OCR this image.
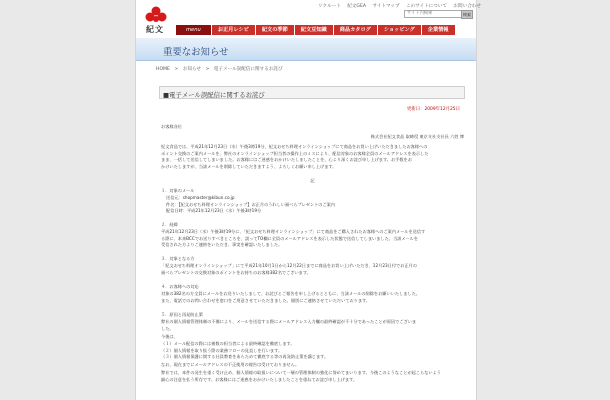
紀文
リクルート 紀文GEA サイトマップ このサイトについて お問い合わせ
サイト内検索	検索
menu	お正月レシピ	紀文の季節	紀文豆知識	商品カタログ	ショッピング	企業情報
重要なお知らせ
HOME > お知らせ > 電子メール誤配信に関するお詫び
■電子メール誤配信に関するお詫び
更新日：2009年12月25日

お客様各位

株式会社紀文食品 取締役 東京支社支社長 六姓 博

紀文食品では、平成21年12月23日（水）午後3時19分、紀文おせち料理オンラインショップにて商品をお買い上げいただきましたお客様への

ポイント交換のご案内メールを、弊社のオンラインショップ担当者の操作上のミスにより、配信対象のお客様全員のメールアドレスを表示した

まま、一括して送信してしまいました。お客様にはご迷惑をおかけいたしましたことを、心より深くお詫び申し上げます。お手数をお

かけいたしますが、当該メールを削除していただきますよう、よろしくお願い申し上げます。

記

１．対象のメール

送信元：shopmaster@kibun.co.jp

件名：【紀文おせち料理オンラインショップ】お正月のうれしい福べらプレゼントのご案内

配信日時：平成21年12月23日（水）午後3時19分

２．経緯

平成21年12月23日（水）午後3時19分に、「紀文おせち料理オンラインショップ」にて商品をご購入されたお客様へのご案内メールを送信す

る際に、本来BCCでお送りすべきところを、誤ってTO欄に全員のメールアドレスを表示した状態で送信してしまいました。当該メールを

受信された方よりご連絡をいただき、事実を確認いたしました。

３．対象となる方

「紀文おせち料理オンラインショップ」にて平成21年10月1日から12月22日までに商品をお買い上げいただき、12月23日付でお正月の

福べらプレゼントの交換対象のポイントをお持ちのお客様382名でございます。

４．お客様への対応

対象の382名の方全員にメールをお送りいたしまして、お詫びとご報告を申し上げるとともに、当該メールの削除をお願いいたしました。

また、電話でのお問い合わせを窓口をご用意させていただきました。個別にご連絡させていただいております。

５．原因と再発防止策

弊社の個人情報管理体制の不備により、メールを送信する際にメールアドレス入力欄の最終確認が不十分であったことが原因でございま

した。

今後は、

（１）メール配信の際には複数の担当者による最終確認を徹底します。

（２）個人情報を取り扱う際の業務フローの見直しを行います。

（３）個人情報保護に関する社員教育をあらためて徹底する等の再発防止策を講じます。

なお、現在までにメールアドレスの不正使用の報告は受けておりません。

弊社では、本件の発生を重く受け止め、個人情報の取扱いについて一層の管理体制の強化に努めてまいります。今後このようなことが起こらないよう

細心の注意を払う所存です。お客様にはご迷惑をおかけいたしましたことを重ねてお詫び申し上げます。
